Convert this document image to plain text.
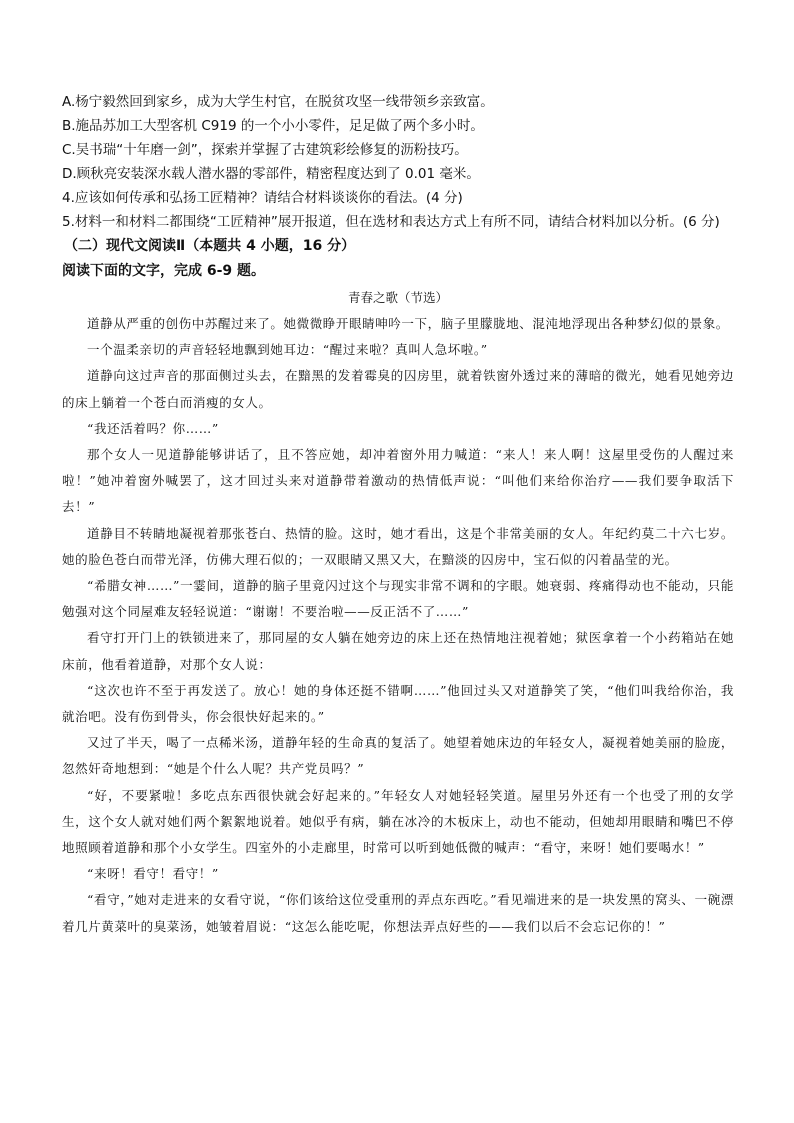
A.杨宁毅然回到家乡，成为大学生村官，在脱贫攻坚一线带领乡亲致富。
B.施品苏加工大型客机 C919 的一个小小零件，足足做了两个多小时。
C.吴书瑞“十年磨一剑”，探索并掌握了古建筑彩绘修复的沥粉技巧。
D.顾秋亮安装深水载人潜水器的零部件，精密程度达到了 0.01 毫米。
4.应该如何传承和弘扬工匠精神？请结合材料谈谈你的看法。(4 分)
5.材料一和材料二都围绕“工匠精神”展开报道，但在选材和表达方式上有所不同，请结合材料加以分析。(6 分)
（二）现代文阅读Ⅱ（本题共 4 小题，16 分）
阅读下面的文字，完成 6-9 题。
青春之歌（节选）

道静从严重的创伤中苏醒过来了。她微微睁开眼睛呻吟一下，脑子里朦胧地、混沌地浮现出各种梦幻似的景象。

一个温柔亲切的声音轻轻地飘到她耳边：“醒过来啦？真叫人急坏啦。”

道静向这过声音的那面侧过头去，在黯黑的发着霉臭的囚房里，就着铁窗外透过来的薄暗的微光，她看见她旁边的床上躺着一个苍白而消瘦的女人。

“我还活着吗？你……”

那个女人一见道静能够讲话了，且不答应她，却冲着窗外用力喊道：“来人！来人啊！这屋里受伤的人醒过来啦！”她冲着窗外喊罢了，这才回过头来对道静带着激动的热情低声说：“叫他们来给你治疗——我们要争取活下去！”

道静目不转睛地凝视着那张苍白、热情的脸。这时，她才看出，这是个非常美丽的女人。年纪约莫二十六七岁。她的脸色苍白而带光泽，仿佛大理石似的；一双眼睛又黑又大，在黯淡的囚房中，宝石似的闪着晶莹的光。

“希腊女神……”一霎间，道静的脑子里竟闪过这个与现实非常不调和的字眼。她衰弱、疼痛得动也不能动，只能勉强对这个同屋难友轻轻说道：“谢谢！不要治啦——反正活不了……”

看守打开门上的铁锁进来了，那同屋的女人躺在她旁边的床上还在热情地注视着她；狱医拿着一个小药箱站在她床前，他看着道静，对那个女人说：

“这次也许不至于再发送了。放心！她的身体还挺不错啊……”他回过头又对道静笑了笑，“他们叫我给你治，我就治吧。没有伤到骨头，你会很快好起来的。”

又过了半天，喝了一点稀米汤，道静年轻的生命真的复活了。她望着她床边的年轻女人，凝视着她美丽的脸庞，忽然奸奇地想到：“她是个什么人呢？共产党员吗？”

“好，不要紧啦！多吃点东西很快就会好起来的。”年轻女人对她轻轻笑道。屋里另外还有一个也受了刑的女学生，这个女人就对她们两个絮絮地说着。她似乎有病，躺在冰冷的木板床上，动也不能动，但她却用眼睛和嘴巴不停地照顾着道静和那个小女学生。四室外的小走廊里，时常可以听到她低微的喊声：“看守，来呀！她们要喝水！”

“来呀！看守！看守！”

“看守，”她对走进来的女看守说，“你们该给这位受重刑的弄点东西吃。”看见端进来的是一块发黑的窝头、一碗漂着几片黄菜叶的臭菜汤，她皱着眉说：“这怎么能吃呢，你想法弄点好些的——我们以后不会忘记你的！”
